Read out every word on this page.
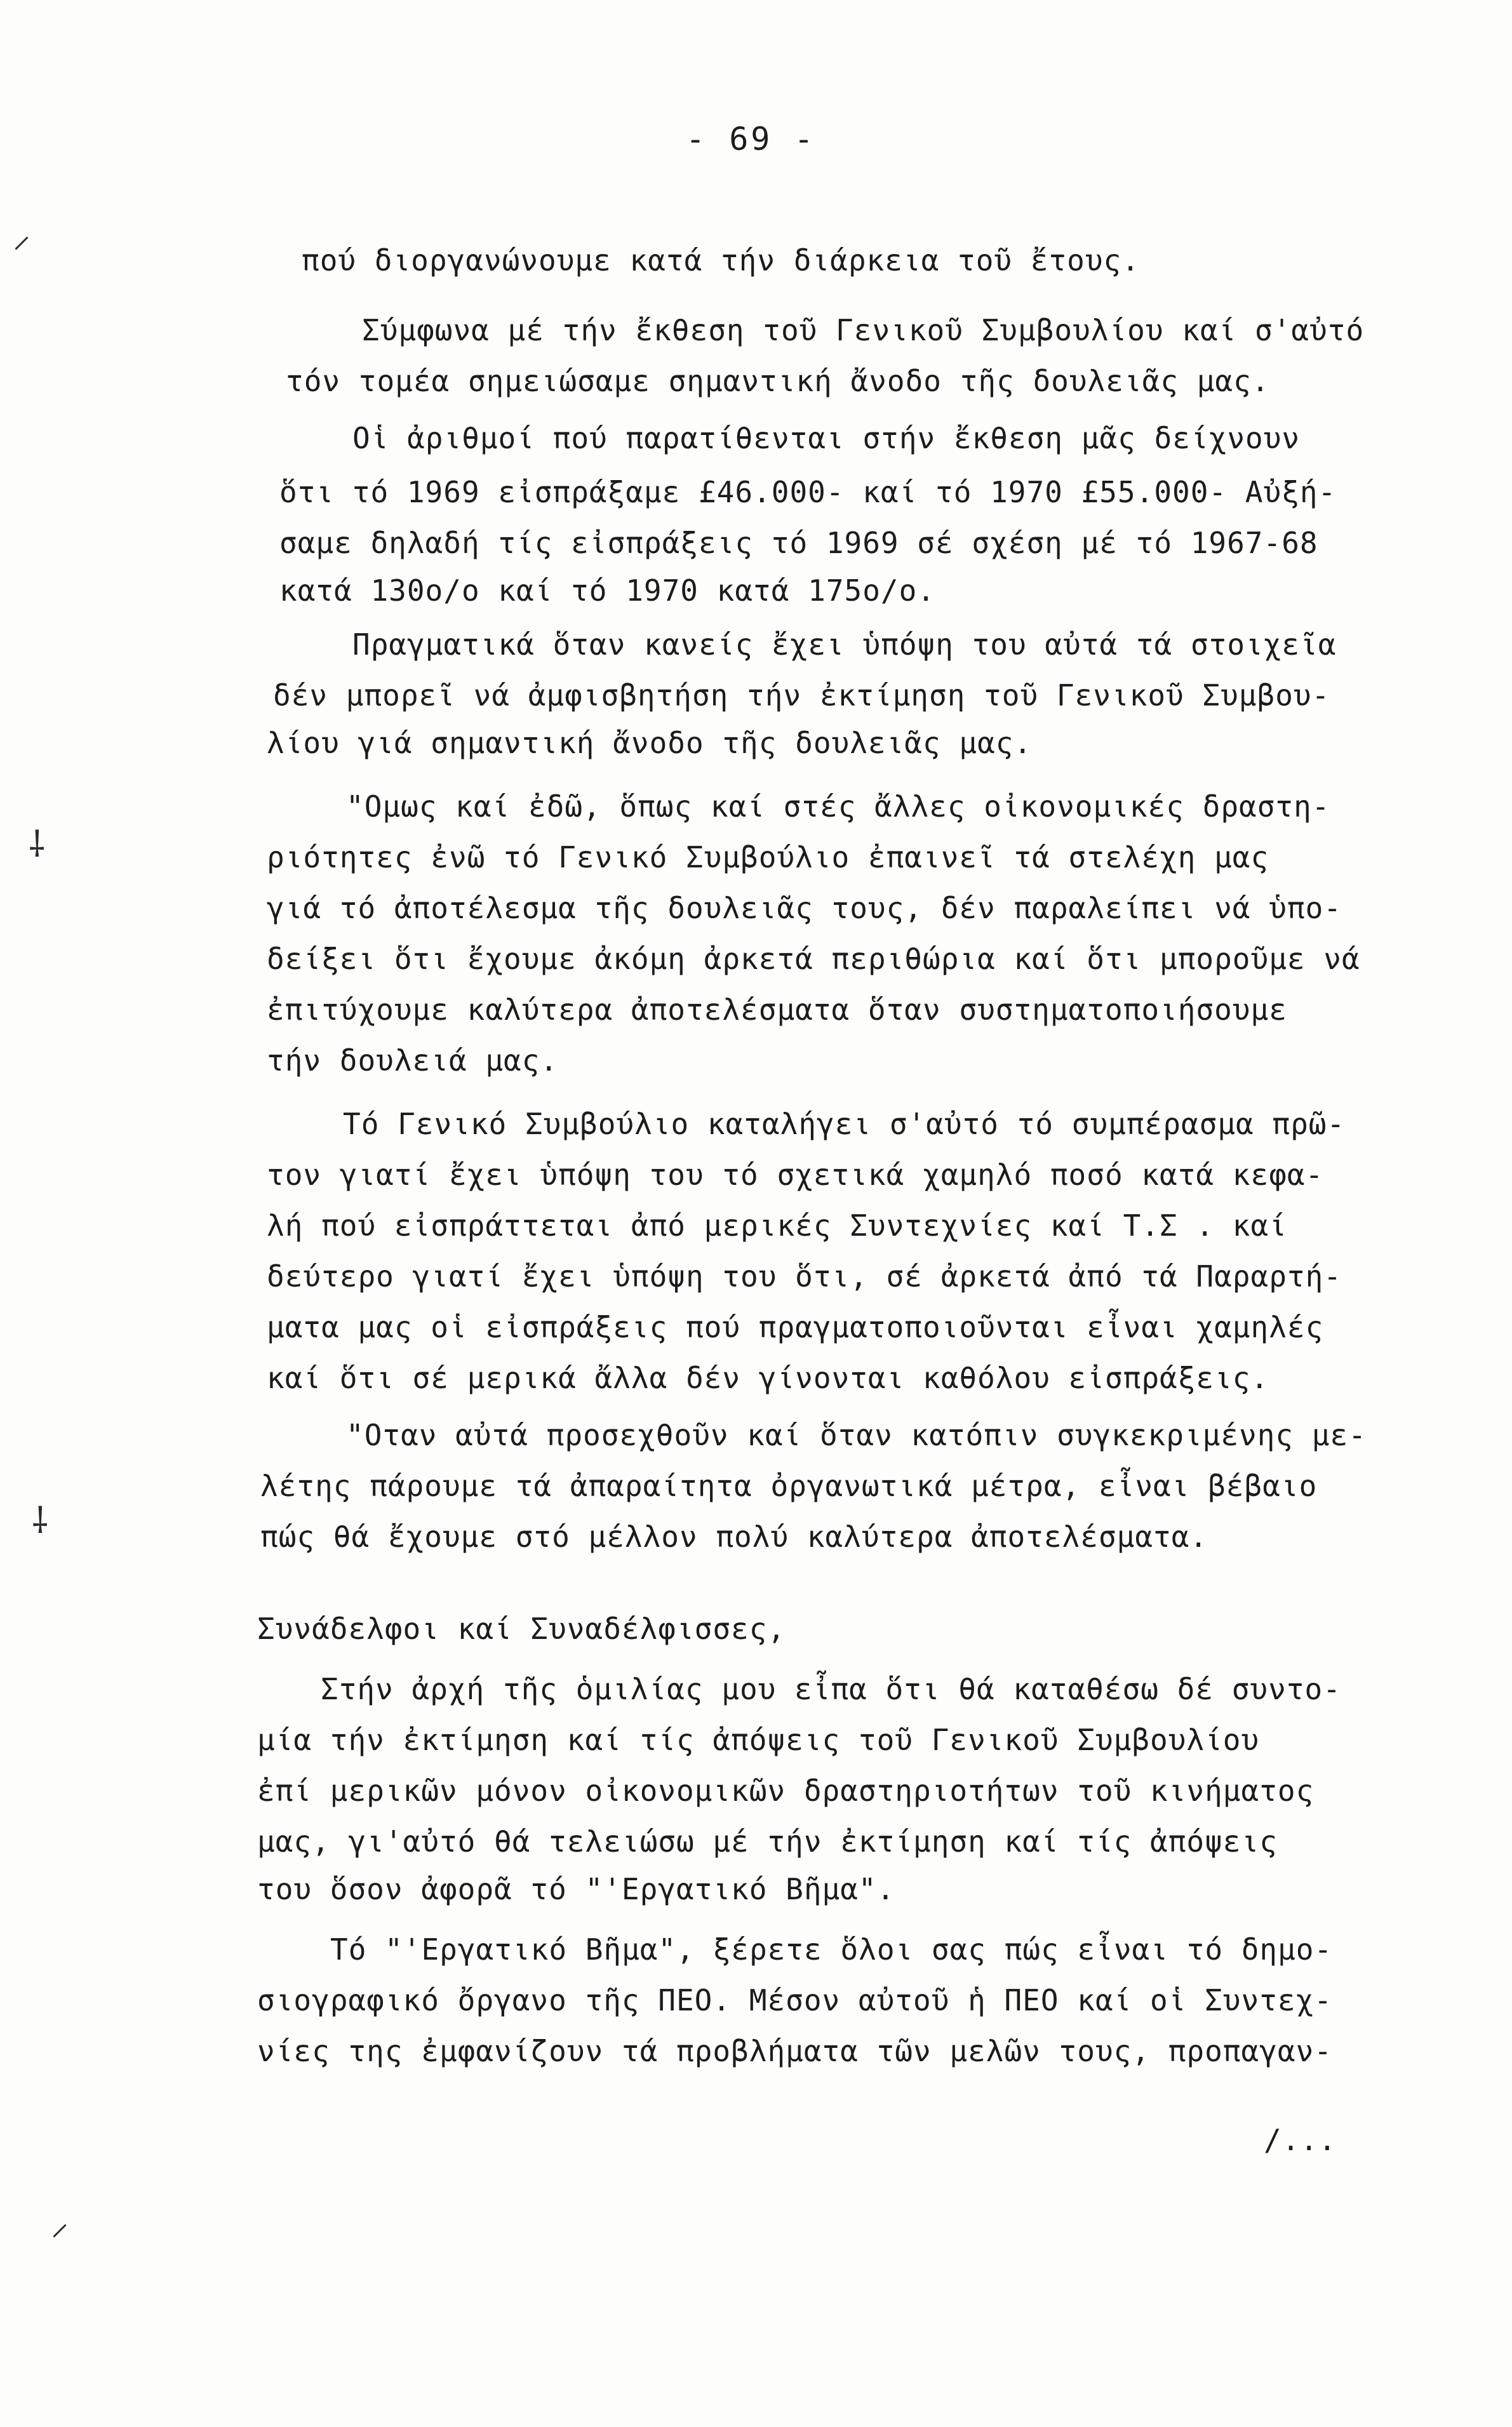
- 69 -
⸝
⸸
⸸
⸝
πού διοργανώνουμε κατά τήν διάρκεια τοῦ ἔτους.
Σύμφωνα μέ τήν ἔκθεση τοῦ Γενικοῦ Συμβουλίου καί σ'αὐτό
τόν τομέα σημειώσαμε σημαντική ἄνοδο τῆς δουλειᾶς μας.
Οἱ ἀριθμοί πού παρατίθενται στήν ἔκθεση μᾶς δείχνουν
ὅτι τό 1969 εἰσπράξαμε £46.000- καί τό 1970 £55.000- Αὐξή-
σαμε δηλαδή τίς εἰσπράξεις τό 1969 σέ σχέση μέ τό 1967-68
κατά 130ο/ο καί τό 1970 κατά 175ο/ο.
Πραγματικά ὅταν κανείς ἔχει ὑπόψη του αὐτά τά στοιχεῖα
δέν μπορεῖ νά ἀμφισβητήση τήν ἐκτίμηση τοῦ Γενικοῦ Συμβου-
λίου γιά σημαντική ἄνοδο τῆς δουλειᾶς μας.
"Ομως καί ἐδῶ, ὅπως καί στές ἄλλες οἰκονομικές δραστη-
ριότητες ἐνῶ τό Γενικό Συμβούλιο ἐπαινεῖ τά στελέχη μας
γιά τό ἀποτέλεσμα τῆς δουλειᾶς τους, δέν παραλείπει νά ὑπο-
δείξει ὅτι ἔχουμε ἀκόμη ἀρκετά περιθώρια καί ὅτι μποροῦμε νά
ἐπιτύχουμε καλύτερα ἀποτελέσματα ὅταν συστηματοποιήσουμε
τήν δουλειά μας.
Τό Γενικό Συμβούλιο καταλήγει σ'αὐτό τό συμπέρασμα πρῶ-
τον γιατί ἔχει ὑπόψη του τό σχετικά χαμηλό ποσό κατά κεφα-
λή πού εἰσπράττεται ἀπό μερικές Συντεχνίες καί Τ.Σ . καί
δεύτερο γιατί ἔχει ὑπόψη του ὅτι, σέ ἀρκετά ἀπό τά Παραρτή-
ματα μας οἱ εἰσπράξεις πού πραγματοποιοῦνται εἶναι χαμηλές
καί ὅτι σέ μερικά ἄλλα δέν γίνονται καθόλου εἰσπράξεις.
"Οταν αὐτά προσεχθοῦν καί ὅταν κατόπιν συγκεκριμένης με-
λέτης πάρουμε τά ἀπαραίτητα ὀργανωτικά μέτρα, εἶναι βέβαιο
πώς θά ἔχουμε στό μέλλον πολύ καλύτερα ἀποτελέσματα.
Συνάδελφοι καί Συναδέλφισσες,
Στήν ἀρχή τῆς ὁμιλίας μου εἶπα ὅτι θά καταθέσω δέ συντο-
μία τήν ἐκτίμηση καί τίς ἀπόψεις τοῦ Γενικοῦ Συμβουλίου
ἐπί μερικῶν μόνον οἰκονομικῶν δραστηριοτήτων τοῦ κινήματος
μας, γι'αὐτό θά τελειώσω μέ τήν ἐκτίμηση καί τίς ἀπόψεις
του ὅσον ἀφορᾶ τό "'Εργατικό Βῆμα".
Τό "'Εργατικό Βῆμα", ξέρετε ὅλοι σας πώς εἶναι τό δημο-
σιογραφικό ὄργανο τῆς ΠΕΟ. Μέσον αὐτοῦ ἡ ΠΕΟ καί οἱ Συντεχ-
νίες της ἐμφανίζουν τά προβλήματα τῶν μελῶν τους, προπαγαν-
/...
